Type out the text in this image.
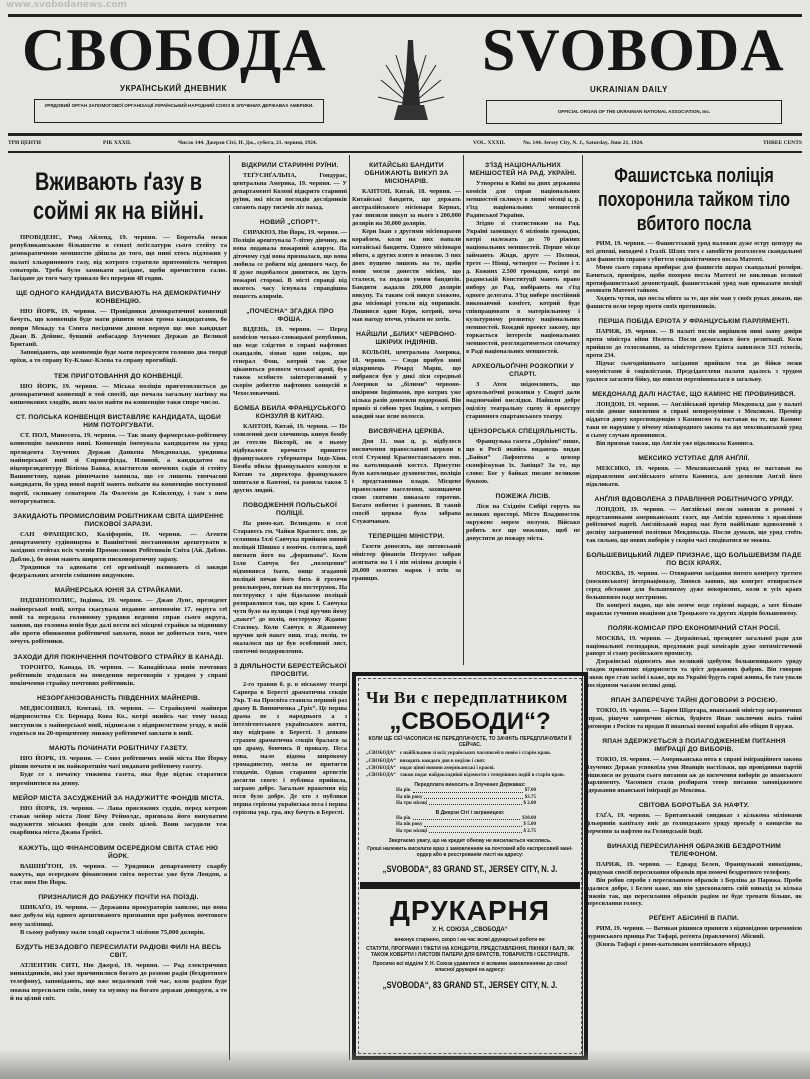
www.svobodanews.com
СВОБОДА	SVOBODA
УКРАЇНСЬКИЙ ДНЕВНИК	UKRAINIAN DAILY
УРЯДОВИЙ ОРГАН ЗАПОМОГОВОЇ ОРГАНІЗАЦІЇ УКРАЇНСЬКИЙ НАРОДНИЙ СОЮЗ В ЗЛУЧЕНИХ ДЕРЖАВАХ АМЕРИКИ.
OFFICIAL ORGAN OF THE UKRAINIAN NATIONAL ASSOCIATION, Inc.
ТРИ ЦЕНТИ	РІК XXXII.	Число 144. Джерзи Сіті, Н. Дж., субота, 21. червня, 1924.	VOL. XXXII.	No. 144. Jersey City, N. J., Saturday, June 21, 1924.	THREE CENTS
Вживають ґазу в соймі як на війні.

ПРОВІДЕНС, Ровд Айленд, 19. червня. — Боротьба межи републиканською більшостю в сенаті леґіслатури сього стейту та демократичною меншостю дійшла до того, що нині хтось підложив у палаті хльоринового газу, від котрого стратило притомність чотирох сенаторів. Треба було замикати засідане, щоби прочистити галю. Засідане до того часу тривало без перерви 48 годин.

ЩЕ ОДНОГО КАНДИДАТА ВИСУВАЮТЬ НА ДЕМОКРАТИЧНУ КОНВЕНЦІЮ.

НЮ ЙОРК, 19. червня. — Провідники демократичної конвенції бачуть, що конвенція буде мати рішити межи трома кандидатами, бо попри Мекаду та Смита посідними днями вернув ще яко кандидат Джан В. Дейвис, бувший амбасадор Злучених Держав до Великої Британії.

Заповідають, що конвенція буде мати перекусити головно два тверді оріхи, а то справу Ку-Клакс-Клена та справу прогибіції.

ТЕЖ ПРИГОТОВАННЯ ДО КОНВЕНЦІЇ.

НЮ ЙОРК, 19. червня. — Міська поліція приготовляється до демократичної конвенції в той спосіб, що почала загальну нагінку на кишенкових злодіїв, яких мало найти на конвенцію таки споре число.

СТ. ПОЛСЬКА КОНВЕНЦІЯ ВИСТАВЛЯЄ КАНДИДАТА, ЩОБИ НИМ ПОТОРГУВАТИ.

СТ. ПОЛ, Минесота, 19. червня. — Так звану фармерсько-робітничу конвенцію замкнено нині. Конвенція іменувала кандидатом на уряд президента Злучених Держав Данкена Мекдоналда, урядника майнерської юнії зі Спрингфілда, Илиной, а кандидатом на віцепрезидентуру Вілієма Бавка, властителя овочевих садів зі стейту Вашингтону, однак рівночасно заявила, що се лишень тимчасові кандидати, бо уряд нової партії мають поїхати на конвенцію поступової партії, скликану сенатором Ла Фолетом до Клівленду, і там з ним поторгуватися.

ЗАКИДАЮТЬ ПРОМИСЛОВИМ РОБІТНИКАМ СВІТА ШИРЕННЄ ПИСКОВОЇ ЗАРАЗИ.

САН ФРАНЦИСКО, Каліфорнія, 19. червня. — Агенти департаменту судівництва в Вашінґтоні постановили арештувати в західних стейтах всіх членів Промислових Робітників Світа (Ай. Даблю. Даблю.), бо вони мають ширити писковоратичну заразу.

Урядники та адвокати сеї організації називають сі закиди федеральних агентів смішною видумкою.

МАЙНЕРСЬКА ЮНІЯ ЗА СТРАЙКАМИ.

ІНДІЯНОПОЛИС, Індіяна, 19. червня. — Джан Лунс, президент майнерської юнії, котра скасувала недавно автономію 17. округа сеї юнії та передала головному урядови ведення справ сього округа, заявив, що головна юнія буде далі вести всі місцеві страйки за підвишку або проти обниження робітничої заплати, поки не добються того, чого хочуть робітники.

ЗАХОДИ ДЛЯ ПОКІНЧЕННЯ ПОЧТОВОГО СТРАЙКУ В КАНАДІ.

ТОРОНТО, Канада, 19. червня. — Канадійська юнія почтових робітників згодилася на поведення переговорів з урядом у справі покінчення страйку почтових робітників.

НЕЗОРГАНІЗОВАНІСТЬ ПІВДЕННИХ МАЙНЕРІВ.

МЕДИСОНВИЛ, Кентакі, 19. червня. — Страйкуючі майнери підприємства Ст. Бернард Кова Ко., котрі якийсь час тому назад виступили з майнерської юнії, підписали з підприємством угоду, в якій годяться на 20-процентову знижку робітничої заплати в юнії.

МАЮТЬ ПОЧИНАТИ РОБІТНИЧУ ГАЗЕТУ.

НЮ ЙОРК, 19. червня. — Союз робітничих юній міста Ню Йорку рішив почати в як найкоротшім часі видавати робітничу газету.

Буде се з початку тижнева газета, яка буде відтак старатися перемінитися на денну.

МЕЙОР МІСТА ЗАСУДЖЕНИЙ ЗА НАДУЖИТТЄ ФОНДІВ МІСТА.

НЮ ЙОРК, 19. червня. — Лава присяжних суддів, перед котрою ставав мейор міста Лонґ Бічу Рейнолдс, признала його винуватим надужиття міських фондів для своїх цілей. Вони засудили теж скарбника міста Джана Ґрейсі.

КАЖУТЬ, ЩО ФІНАНСОВИМ ОСЕРЕДКОМ СВІТА СТАЄ НЮ ЙОРК.

ВАШІНҐТОН, 19. червня. — Урядники департаменту скарбу кажуть, що осередком фінансовим світа перестає уже бути Лондон, а стає ним Ню Йорк.

ПРИЗНАЛИСЯ ДО РАБУНКУ ПОЧТИ НА ПОЇЗДІ.

ШИКАҐО, 19. червня. — Державна прокураторія заявляє, що вона вже добула від одного арештованого признання про рабунок почтового возу залізниці.

В сьому рабунку мали злодії скрасти 3 міліони 75,000 долярів.

БУДУТЬ НЕЗАДОВГО ПЕРЕСИЛАТИ РАДІОВІ ФИЛІ НА ВЕСЬ СВІТ.

АТЛЕНТИК СИТІ, Ню Джерзі, 19. червня. — Рад електричних винахідників, які уже причинилися богато до розвою радія (бездротного телефону), заповідають, що вже недалекий той час, коли радіом буде можна пересилати спів, мову та музику на богато держав довкруги, а то й на цілий світ.

ВІДКРИЛИ СТАРИННІ РУЇНИ.

ТЕҐУСИҐАЛЬПА, Гондурас, центральна Америка, 19. червня. — У департаменті Колоні відкрито старинні руїни, які після поглядів дослідників сягають пару тисячів літ назад.

НОВИЙ „СПОРТ“.

СИРАКЮЗ, Ню Йорк, 19. червня. — Поліція арештувала 7-літну дівчину, як вона подавала пожарний алярум. На діточому суді вона призналася, що вона любила се робити від довшого часу, бо її дуже подобалося дивитися, як їдуть пожарні сторожі. В місті справді від якогось часу існувала справдішна пошесть алярмів.

„ПОЧЕСНА“ ЗГАДКА ПРО ФОША.

ВІДЕНЬ, 19. червня. — Перед комісією чесько-словацької републики, що веде слідство в справі нафтових скандалів, зізнав один свідок, що генерал Фош, котрий так дуже цікавиться розвоєм чеської армії, був також особисто заінтересований у скорім добиттю нафтових концесій в Чехословаччині.

БОМБА ВБИЛА ФРАНЦУСЬКОГО КОНЗУЛЯ В КИТАЮ.

КАНТОН, Китай, 19. червня. — Не зловлений доси злочинець кинув бомбу до готелю Вікторії, як в ньому відбувалося врочисте принятте французького губернатора Індо-Хіни. Бомба вбила французького конзуля в Китаю та директора французького шпиталя в Кантоні, та ранила також 5 других людий.

ПОВОДЖЕННЯ ПОЛЬСЬКОЇ ПОЛІЦІЇ.

На римо-кат. Великдень в селі Старавесь гм. Чайки Красност. пов. до селянина Іллі Савчука прийшов пяний поліцай Шишко з помічн. солтиса, щоб вигнати його на „форшпана“. Коли Ілля Савчук без „полецення“ відмовився їхати, вище згаданий поліцай почав його бить й грозячи револьвером, погнав на постерунок. На постерунку з цім бідолахою поліцай розправлявся так, що крик І. Савчука чути було на вулицю і тоді вручив йому „пакет“ до поліц. постерунку Жданиє Стасюку. Коли Савчук в Жданному вручив цей пакет вищ. згад. поліц. то оказалося що це був особливий лист, свиточні поздоровлення.

З ДІЯЛЬНОСТИ БЕРЕСТЕЙСЬКОЇ ПРОСВІТИ.

2-го травня б. р. в міському театрі Сарвера в Бересті драматична секція Укр. Т-ва Просвіта ставила перший раз драму В. Винниченка „Гріх“. Це перша драма не з народнього а з інтелігентського українського життя, яку відіграно в Бересті. З деяким страхом драматична секція бралася за цю драму, боючись її провалу. Пєса нова, мало відома широкому громадянству, могла не притягти глядачів. Однак старання артистів досягли свого: і публика прийшла, заграно добре. Загальне враження від пєси було добре. Де хто з публики перша серіозна українська пєса і перша серіозна укр. гра, яку бачуть в Бересті.

КИТАЙСЬКІ БАНДИТИ ОБНИЖАЮТЬ ВИКУП ЗА МІСІОНАРІВ.

КАНТОН, Китай, 18. червня. — Китайські бандити, що держать австралійського місіонаря Кернах, уже знизили викуп за нього з 200,000 долярів на 30,000 долярів.

Кери Ікан з другими місіонарами кораблем, коли на них напали китайські бандити. Одного місіонаря вбито, а других взято в неволю. З них двох пущено лишень на те, щоби вони могли донести місіям, що сталося, та подали умови бандитів. Бандити жадали 200,000 долярів викупу. Та таким сей викуп зложено, два місіонарі утекли від опришків. Лишився один Кери, котрий, хоча мав нагоду втечи, утікати не хотів.

НАЙШЛИ „БІЛИХ“ ЧЕРВОНО-ШКІРИХ ІНДІЯНІВ.

КОЛЬОН, центральна Америка, 18. червня. — Сюди прибув нині відкривець Річард Марш, що вибрався був у дикі ліси середньої Америки за „білими“ червоно-шкірими Індіянами, про котрих уже кілька разів доносили подорожні. Він привіз зі собою трох Індіян, з котрих кождий має ясне волосся.

ВИСВЯЧЕНА ЦЕРКВА.

Дня 11. мая ц. р. відбулося висвячення православної церкви в селі Стужиці Красноставського пов. на католицький костел. Присутнє було католицьке духовенство, поліція і представники влади. Місцеве православне населення, захищаючи свою святиню виказало спротив. Богато побитих і ранених. В такий спосіб церква була забрана Стужичанам.

ТЕПЕРІШНІ МІНІСТРИ.

Газети доносять, що литовський міністер фінансів Петрулєс забрав асигнати на 1 і пів міліона долярів і 20,000 золотих марок і втік за границю.

З'ЇЗД НАЦІОНАЛЬНИХ МЕНШОСТЕЙ НА РАД. УКРАЇНІ.

Утворена в Київі на днях державна комісія для справ національних меншостей скликує в липні місяці ц. р. з'їзд національних меншостей Радянської України.

Згідно зі статистикою на Рад. Україні замешкує 6 міліонів громадян, котрі належать до 70 ріжних національних меншостей. Перше місце займають Жиди, друге — Поляки, третє — Німці, четверте — Росіяне і т. д. Кожних 2.500 громадян, котрі по радянській Конституції мають право вибору до Рад, вибірають на з'їзд одного делегата. З'їзд вибере постійний виконавчий комітет, котрий буде співпрацювати в матеріяльному і культурному розвитку національних меншостей. Кождий проект закону, що торкається інтересів національних меншостей, розглядатиметься спочатку в Раді національних меншостей.

АРХЕОЛЬОҐІЧНІ РОЗКОПКИ У СПАРТІ.

З Атен звідомляють, що археольоґічні розкопки у Спарті дали надзвичайні вислідки. Найшли добре оцілілу театральну сцену й оркестру старинного спартанського театру.

ЦЕНЗОРСЬКА СПЕЦІЯЛЬНІСТЬ.

Французька газета „Opinion“ пише, що в Росії якийсь видавець видав „Байки“ Лафонтена а цензор сконфіскував їх. Завіщо? За те, що слово: Бог у байках писане великою буквою.

ПОЖЕЖА ЛІСІВ.

Ліси на Східнім Сибірі горуть на великих просторі. Місто Владивосток окружене морем полумя. Військо робить все що можливе, щоб не допустити до пожару міста.

Фашистська поліція похоронила тайком тіло вбитого посла

РИМ, 19. червня. — Фашистський уряд наложив дуже остру цензуру на всі депеші, виходячі з Італії. Шлях того є запобігти розголосом скандальної для фашистів справи з убиттєм соціялістичного посла Матеоті.

Мимо сього справа прибирає для фашистів щораз скандальні розміри. Бачиться, приміром, щоби похорон посла Матеоті не викликав великої протифашистської демонстрації, фашистський уряд мав приказати поліції поховати Матеоті тайком.

Ходять чутки, що посла вбито за те, що він мав у своїх руках докази, що фашисти вели терор проти своїх противників.

ПЕРША ПОБІДА ЕРІОТА У ФРАНЦУСЬКІМ ПАРЛЯМЕНТІ.

ПАРИЖ, 19. червня. — В палаті послів вирішили нині заяву довіри проти міністра віїни Нолета. Посли домагалися його резиґнації. Коли прийшло до голосовання, за міністерством Еріота заявилося 313 голосів, проти 234.

Підчас сьогоднішнього засідання прийшло теж до бійки межи комуністами й соціялістами. Предсідателеви палати вдалось з трудом удалося загасити бійку, що поволи перемінювалася в загальну.

МЕКДОНАЛД ДАЛІ НАСТАЄ, ЩО КАМІНС НЕ ПРОВИНИВСЯ.

ЛОНДОН, 19. червня. — Анґлійський премієр Мекдоналд дав у палаті послів довше вияснення в справі непорозуміння з Мексиком. Премієр віддатся довгу кореспонденцію з Каминсом та наставав на те, що Каминс таки не нарушив у нічому міжнародного закона та що мексиканський уряд в сьому случаю провинився.

Він признав також, що Анґлія уже відкликала Каминса.

МЕКСИКО УСТУПАЄ ДЛЯ АНҐЛІЇ.

МЕКСИКО, 19. червня. — Мексиканський уряд не наставав на відправлення анґлійського аґента Каминса, але дозволив Анґлії його відкликати.

АНҐЛІЯ ВДОВОЛЕНА З ПРАВЛІННЯ РОБІТНИЧОГО УРЯДУ.

ЛОНДОН, 19. червня. — Анґлійські посли заявили в розмові з представниками американських газет, що Анґлія вдоволена з правління робітничої партії. Анґлійський народ має бути найбільше вдоволений з доспіху заграничної політики Мекдоналда. Посли думали, що уряд стоїть так сильно, що нових виборів у скорім часі сподіватися не можна.

БОЛЬШЕВИЦЬКИЙ ЛІДЕР ПРИЗНАЄ, ЩО БОЛЬШЕВИЗМ ПАДЕ ПО ВСІХ КРАЯХ.

МОСКВА, 19. червня. — Отвираючи засідання пятого конґресу третого (московського) інтернаціоналу, Зіновєв заявив, що конгрес отвирається серед обставин для большевизму дуже некорисних, коли в усіх краях большевизм паде нестримно.

По конґресі видно, що він менче веде серіозні наради, а зате більше вкраплає гучними оваціями для Троцького та других лідерів большевизму.

ПОЛЯК-КОМІСАР ПРО ЕКОНОМІЧНИЙ СТАН РОСІЇ.

МОСКВА, 19. червня. — Дзержінські, президент загальної ради для національної господарки, предложив раді комісарів дуже оптимістичний рапорт зі стану російського промислу.

Дзержінські підносить яко великий здобуток большевицького уряду упадок приватних підприємств та зріст державних фабрик. Він говорив також про стан засіві і каже, що на Україні будуть гарні жнива, бо там упали посліднями часами великі дощі.

ЯПАН ЗАПЕРЕЧУЄ ТАЙНІ ДОГОВОРИ З РОСІЄЮ.

ТОКІО, 19. червня. — Барон Шідегара, япанський міністер заграничних справ, рішучо заперечив вістки, буцімто Япан заключив якісь тайні договори з Росією та продав її япанські воєнні кораблі або обіцяв її оружя.

ЯПАН ЗДЕРЖУЄТЬСЯ З ПОЛАГОДЖЕННЕМ ПИТАННЯ ІМІҐРАЦІЇ ДО ВИБОРІВ.

ТОКІО, 19. червня. — Американська нота в справі іміґраційного закона Злучених Держав успокоїла уми Япанців настільки, що провідники партій рішилися не рушати сього питання аж до вилечення виборів до япанського парляменту. Часописи стали розбирати тепер питання заповідженого здержання япанської іміґрації до Мексика.

СВІТОВА БОРОТЬБА ЗА НАФТУ.

ГАҐА, 19. червня. — Британський синдикат з кількома міліонами фльоринів капіталу вніс до голяндського уряду просьбу о концесію на верчення за нафтою на Голяндській Індії.

ВИНАХІД ПЕРЕСИЛАННЯ ОБРАЗКІВ БЕЗДРОТНИМ ТЕЛЕФОНОМ.

ПАРИЖ, 19. червня. — Едвард Белен, Французький винахідник, придумав спосіб пересилання образків при помочі бездротного телефону.

Він робив спроби з пересиланнєм образків з Берліна до Парижа. Проби вдалися добре, і Белен каже, що він удосконалить свій винахід за кілька тижнів так, що пересилання образків радіом не буде тревати більше, як пересилання голосу.

РЕҐЕНТ АБІСИНІЇ В ПАПИ.

РИМ, 19. червня. — Ватикан рішився приняти з відповідною церемонією муринського принца Рас Тафарі, реґента (правлячого) Абісинії.

(Князь Тафарі є римо-католиком коптійського обряду.)

Чи Ви є передплатником
„СВОБОДИ“?
КОЛИ ЩЕ СЕЇ ЧАСОПИСИ НЕ ПЕРЕДПЛАЧУЄТЕ, ТО ЗАЧНІТЬ ПЕРЕДПЛАЧУВАТИ ЇЇ СЕЙЧАС.
„СВОБОДА“ є найбільшою зі всіх українських часописей в новім і старім краю.
„СВОБОДА“ виходить кождого дня в неділю і свят.
„СВОБОДА“ подає цінні новини американські і краєві.
„СВОБОДА“ також подає найдокладніші відомости з теперішних подій в старім краю.
Передплата виносить в Злучених Державах:
На рік	$7.00
На пів року	$3.75
На три місяці	$ 2.00
В Джерзи Сіті і заграницею:
На рік	$10.00
На пів року	$ 5.00
На три місяці	$ 2.75
Звертаємо увагу, що на кредит обнову не висилається часопись.
Гроші належить висилати враз з замовленням на почтовий або експресовий мані-ордер або в реєстрованім листі на адресу:
„SVOBODA“, 83 GRAND ST., JERSEY CITY, N. J.
ДРУКАРНЯ
У. Н. СОЮЗА „СВОБОДА“
виконує старанно, скоро і на час всякі друкарські роботи як:
СТАТУТИ, ПРОГРАМИ І ТІКЕТИ НА КОНЦЕРТИ, ПРЕДСТАВЛЕННЯ, ПІКНІКИ І БАЛІ, ЯК ТАКОЖ КОВЕРТИ І ЛИСТОВІ ПАПЕРИ ДЛЯ БРАТСТВ, ТОВАРИСТВ І СЕСТРИЦТВ.
Просимо всі відділи У. Н. Союза удаватися зі всякими замовленнями до своєї власної друкарні на адресу:
„SVOBODA“, 83 GRAND ST., JERSEY CITY, N. J.
